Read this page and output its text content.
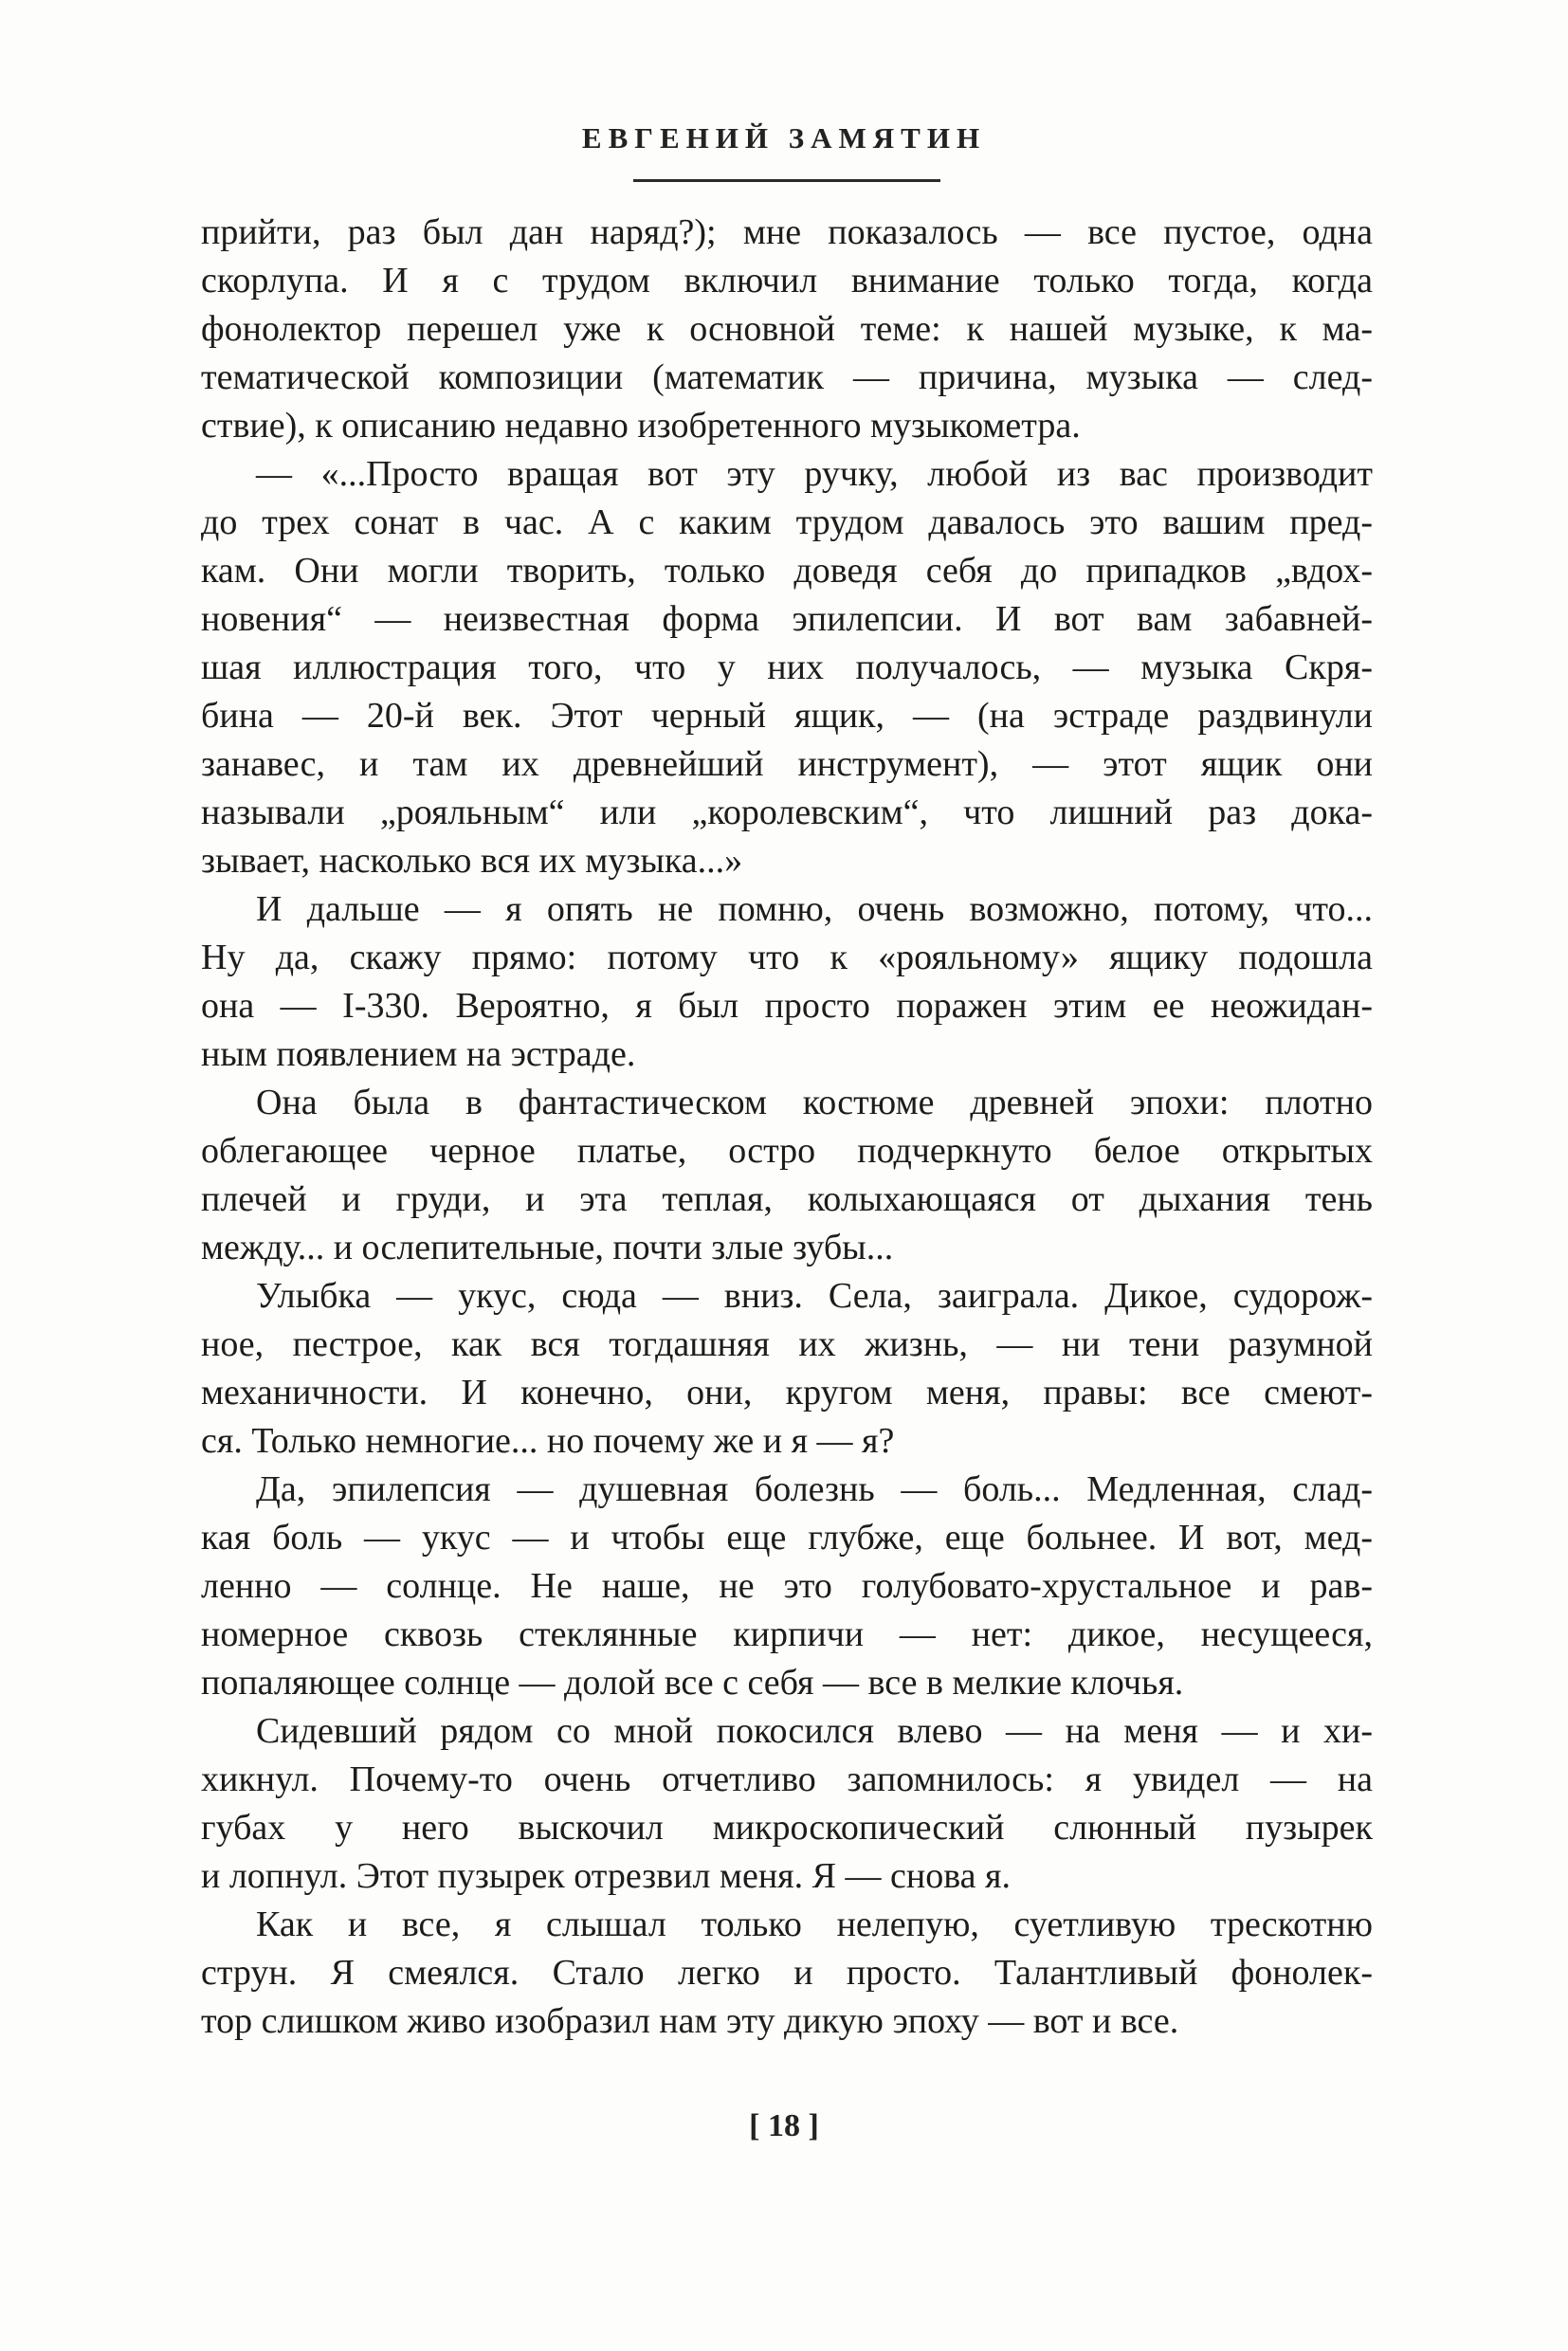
ЕВГЕНИЙ ЗАМЯТИН
прийти, раз был дан наряд?); мне показалось — все пустое, одна
скорлупа. И я с трудом включил внимание только тогда, когда
фонолектор перешел уже к основной теме: к нашей музыке, к ма-
тематической композиции (математик — причина, музыка — след-
ствие), к описанию недавно изобретенного музыкометра.
— «...Просто вращая вот эту ручку, любой из вас производит
до трех сонат в час. А с каким трудом давалось это вашим пред-
кам. Они могли творить, только доведя себя до припадков „вдох-
новения“ — неизвестная форма эпилепсии. И вот вам забавней-
шая иллюстрация того, что у них получалось, — музыка Скря-
бина — 20-й век. Этот черный ящик, — (на эстраде раздвинули
занавес, и там их древнейший инструмент), — этот ящик они
называли „рояльным“ или „королевским“, что лишний раз дока-
зывает, насколько вся их музыка...»
И дальше — я опять не помню, очень возможно, потому, что...
Ну да, скажу прямо: потому что к «рояльному» ящику подошла
она — I-330. Вероятно, я был просто поражен этим ее неожидан-
ным появлением на эстраде.
Она была в фантастическом костюме древней эпохи: плотно
облегающее черное платье, остро подчеркнуто белое открытых
плечей и груди, и эта теплая, колыхающаяся от дыхания тень
между... и ослепительные, почти злые зубы...
Улыбка — укус, сюда — вниз. Села, заиграла. Дикое, судорож-
ное, пестрое, как вся тогдашняя их жизнь, — ни тени разумной
механичности. И конечно, они, кругом меня, правы: все смеют-
ся. Только немногие... но почему же и я — я?
Да, эпилепсия — душевная болезнь — боль... Медленная, слад-
кая боль — укус — и чтобы еще глубже, еще больнее. И вот, мед-
ленно — солнце. Не наше, не это голубовато-хрустальное и рав-
номерное сквозь стеклянные кирпичи — нет: дикое, несущееся,
попаляющее солнце — долой все с себя — все в мелкие клочья.
Сидевший рядом со мной покосился влево — на меня — и хи-
хикнул. Почему-то очень отчетливо запомнилось: я увидел — на
губах у него выскочил микроскопический слюнный пузырек
и лопнул. Этот пузырек отрезвил меня. Я — снова я.
Как и все, я слышал только нелепую, суетливую трескотню
струн. Я смеялся. Стало легко и просто. Талантливый фонолек-
тор слишком живо изобразил нам эту дикую эпоху — вот и все.
[ 18 ]
